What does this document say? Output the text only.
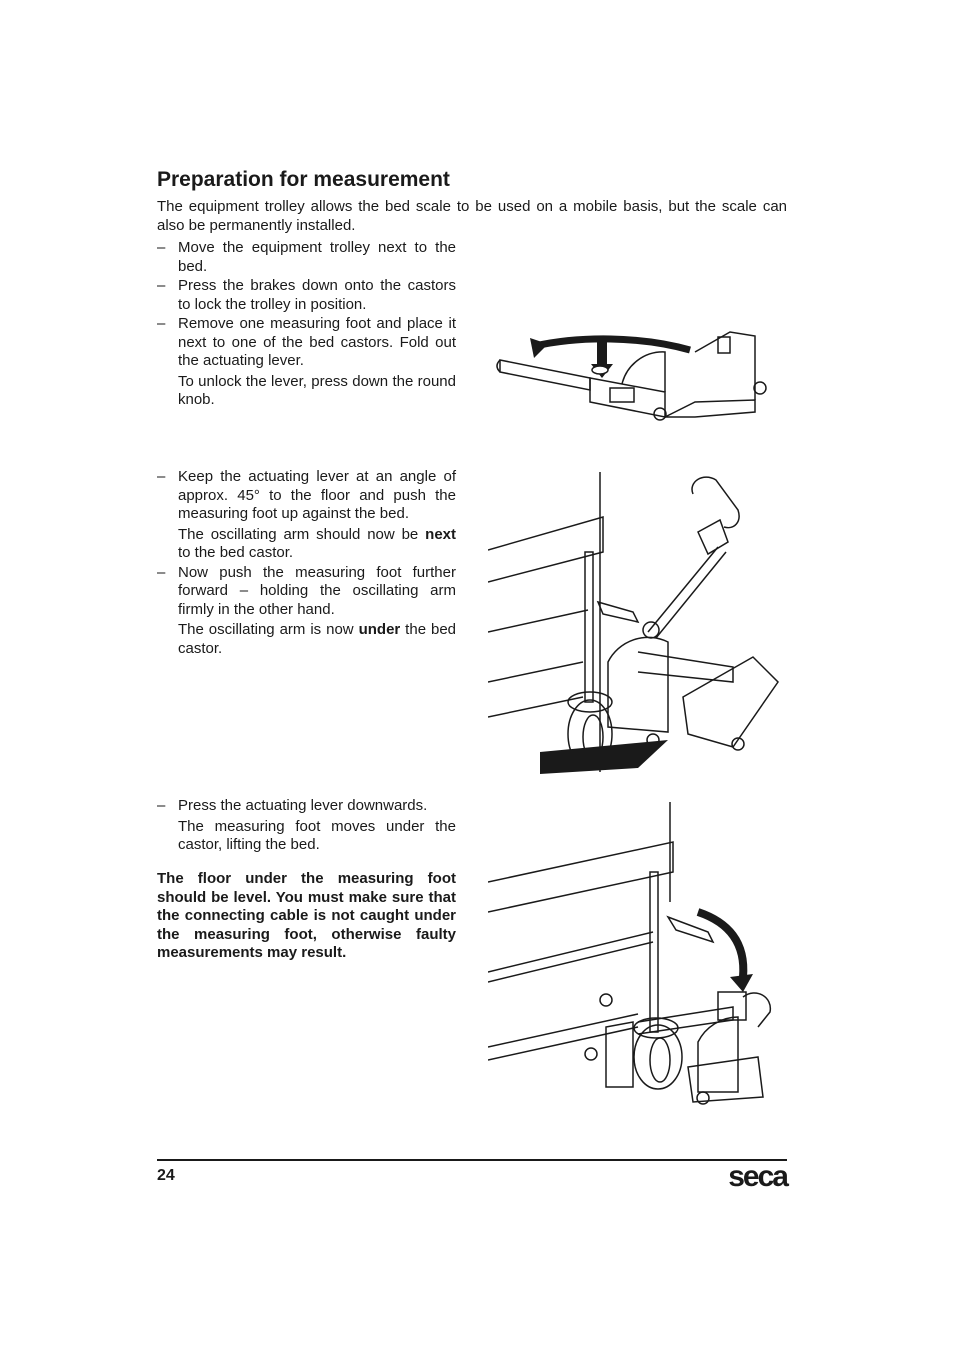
Preparation for measurement

The equipment trolley allows the bed scale to be used on a mobile basis, but the scale can also be permanently installed.

– Move the equipment trolley next to the bed.
– Press the brakes down onto the castors to lock the trolley in position.
– Remove one measuring foot and place it next to one of the bed castors. Fold out the actuating lever.
To unlock the lever, press down the round knob.
– Keep the actuating lever at an angle of approx. 45° to the floor and push the measuring foot up against the bed.
The oscillating arm should now be next to the bed castor.
– Now push the measuring foot further forward – holding the oscillating arm firmly in the other hand.
The oscillating arm is now under the bed castor.
– Press the actuating lever downwards.
The measuring foot moves under the castor, lifting the bed.

The floor under the measuring foot should be level. You must make sure that the connecting cable is not caught under the measuring foot, otherwise faulty measurements may result.

24	seca
